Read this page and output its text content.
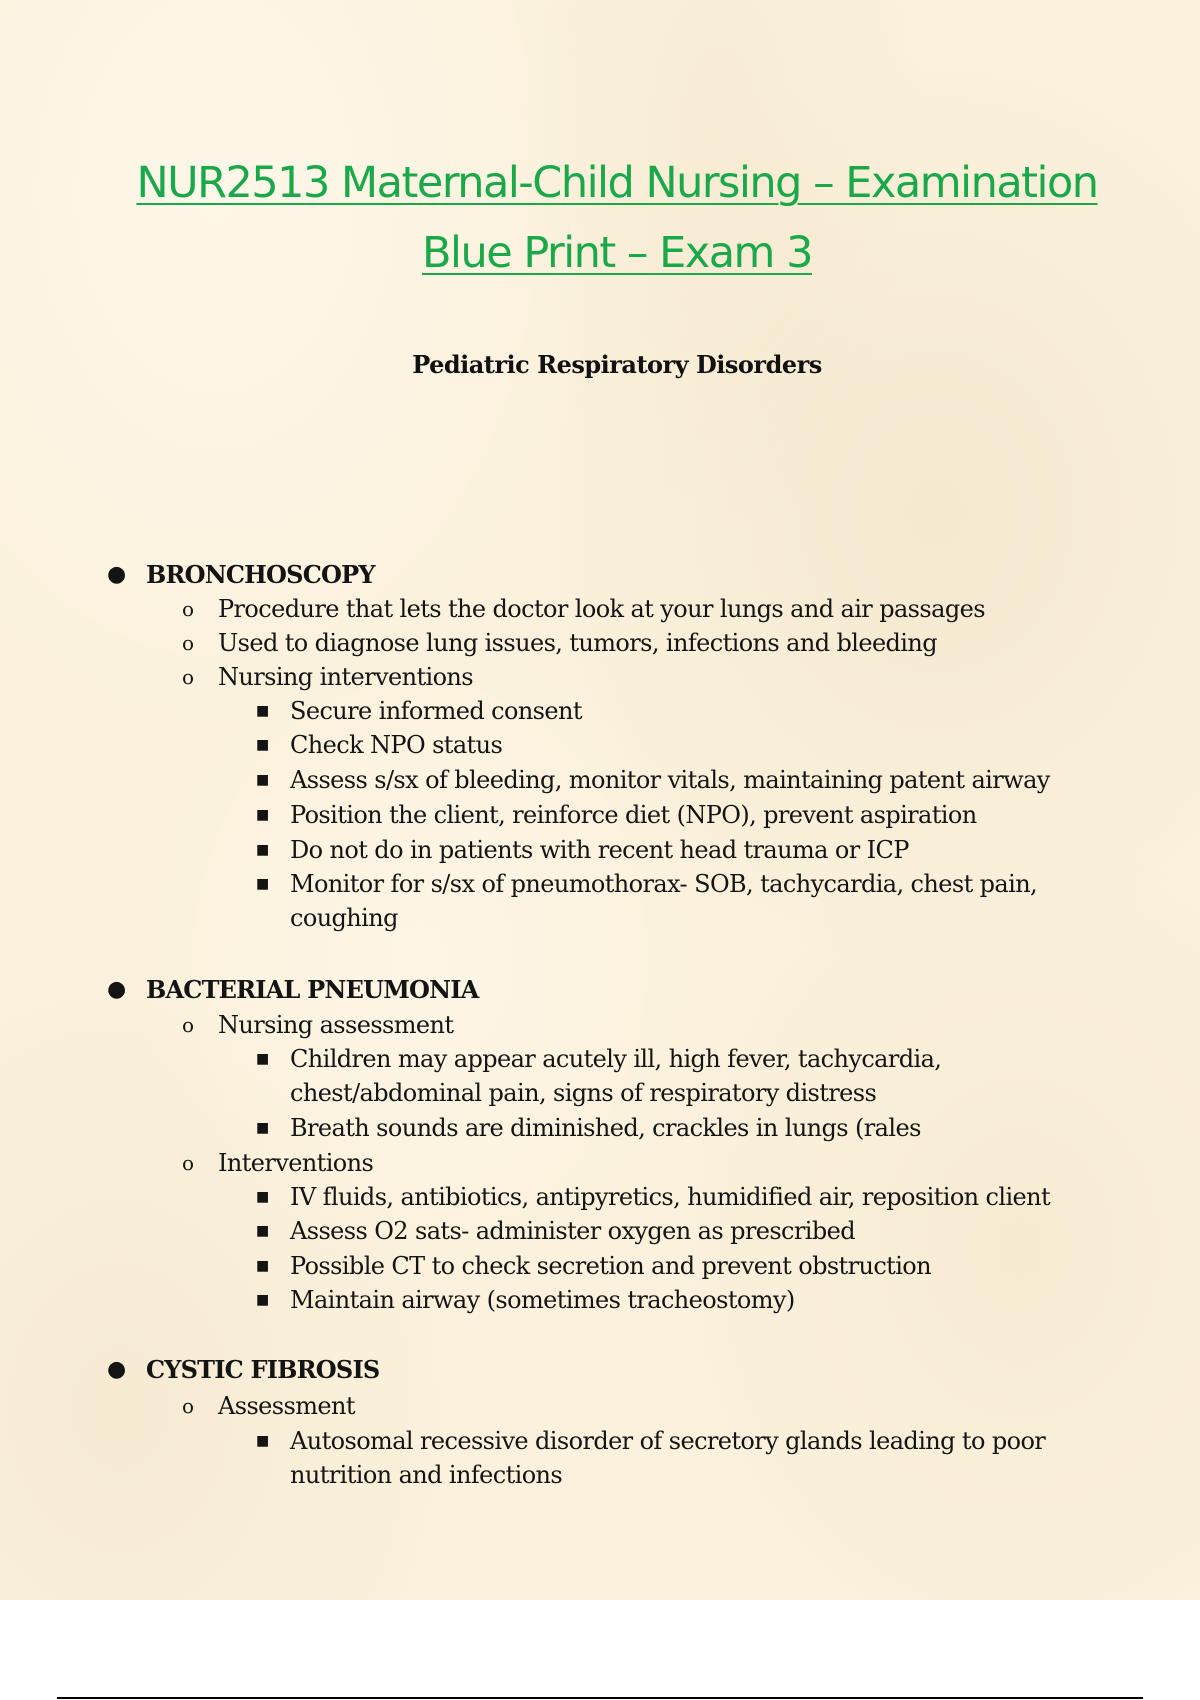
NUR2513 Maternal-Child Nursing – Examination
Blue Print – Exam 3
Pediatric Respiratory Disorders
● BRONCHOSCOPY
o Procedure that lets the doctor look at your lungs and air passages
o Used to diagnose lung issues, tumors, infections and bleeding
o Nursing interventions
■ Secure informed consent
■ Check NPO status
■ Assess s/sx of bleeding, monitor vitals, maintaining patent airway
■ Position the client, reinforce diet (NPO), prevent aspiration
■ Do not do in patients with recent head trauma or ICP
■ Monitor for s/sx of pneumothorax- SOB, tachycardia, chest pain, coughing
● BACTERIAL PNEUMONIA
o Nursing assessment
■ Children may appear acutely ill, high fever, tachycardia, chest/abdominal pain, signs of respiratory distress
■ Breath sounds are diminished, crackles in lungs (rales
o Interventions
■ IV fluids, antibiotics, antipyretics, humidified air, reposition client
■ Assess O2 sats- administer oxygen as prescribed
■ Possible CT to check secretion and prevent obstruction
■ Maintain airway (sometimes tracheostomy)
● CYSTIC FIBROSIS
o Assessment
■ Autosomal recessive disorder of secretory glands leading to poor nutrition and infections
